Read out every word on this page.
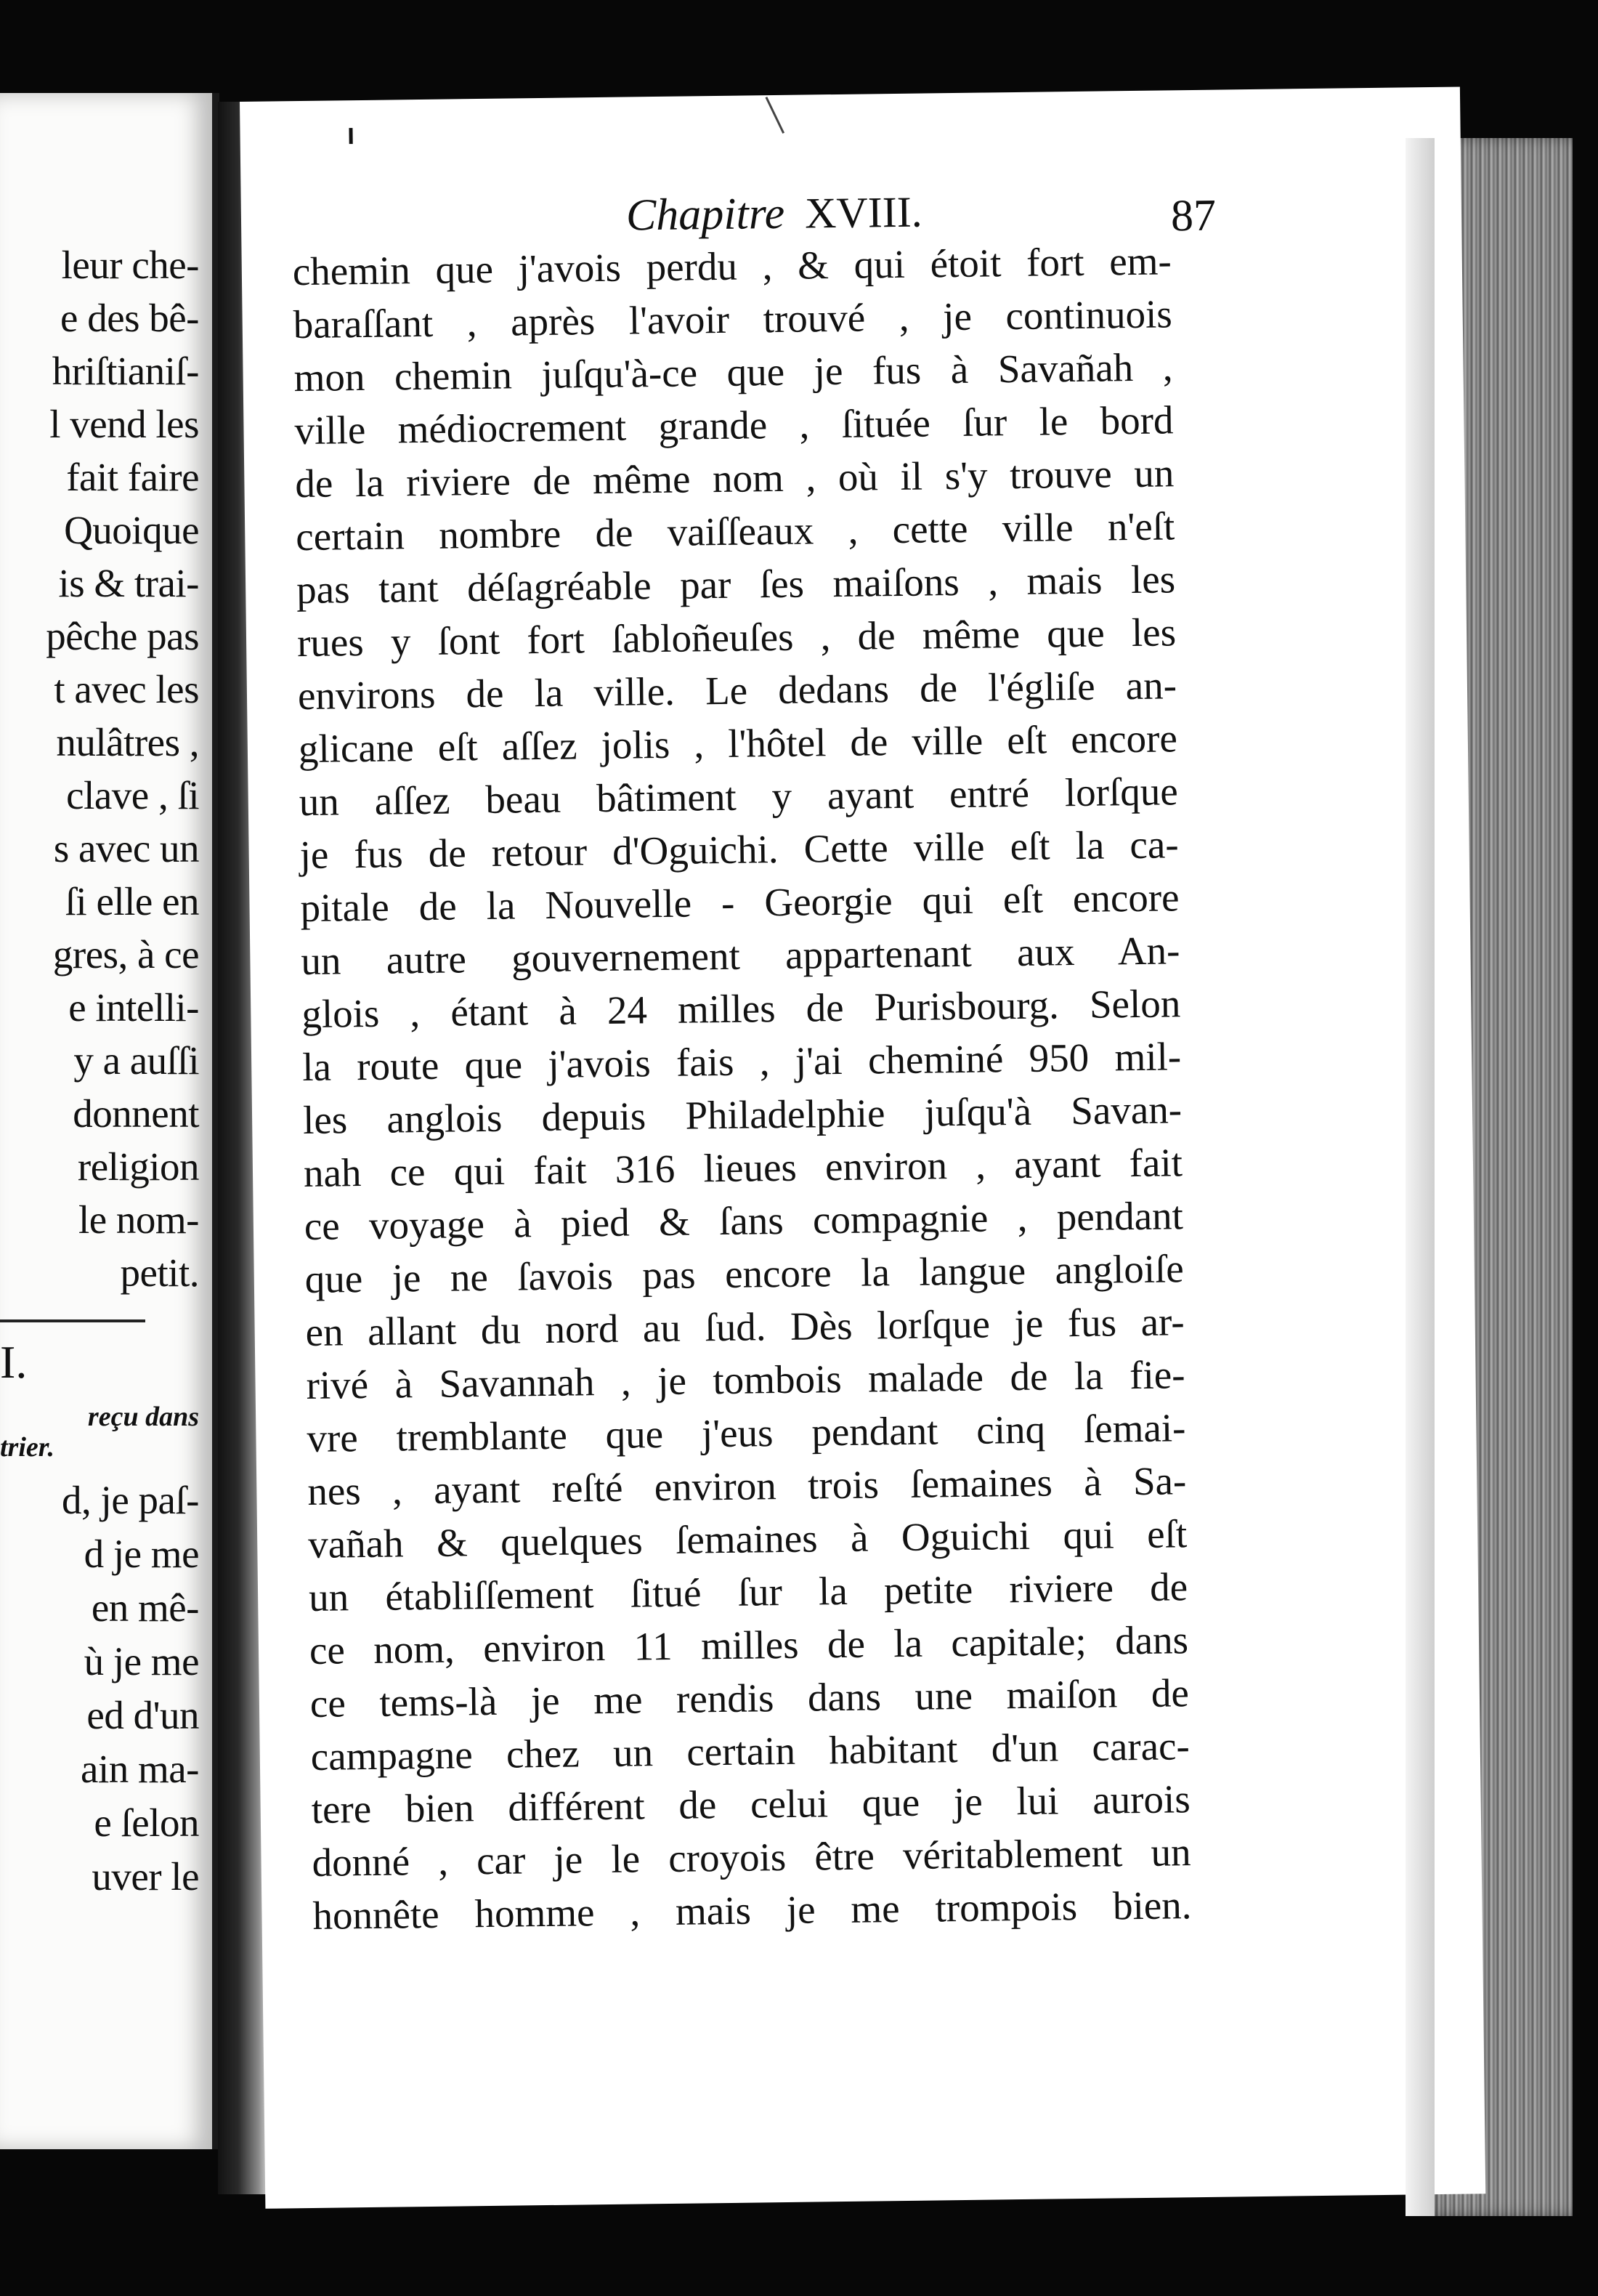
leur che-
e des bê-
hriſtianiſ-
l vend les
fait faire
Quoique
is & trai-
pêche pas
t avec les
nulâtres ,
clave , ſi
s avec un
ſi elle en
gres, à ce
e intelli-
y a auſſi
donnent
religion
le nom-
petit.
I.
reçu dans
trier.
d, je paſ-
d je me
en mê-
ù je me
ed d'un
ain ma-
e ſelon
uver le
Chapitre XVIII.	87
chemin que j'avois perdu , & qui étoit fort em-
baraſſant , après l'avoir trouvé , je continuois
mon chemin juſqu'à-ce que je fus à Savañah ,
ville médiocrement grande , ſituée ſur le bord
de la riviere de même nom , où il s'y trouve un
certain nombre de vaiſſeaux , cette ville n'eſt
pas tant déſagréable par ſes maiſons , mais les
rues y ſont fort ſabloñeuſes , de même que les
environs de la ville. Le dedans de l'égliſe an-
glicane eſt aſſez jolis , l'hôtel de ville eſt encore
un aſſez beau bâtiment y ayant entré lorſque
je fus de retour d'Oguichi. Cette ville eſt la ca-
pitale de la Nouvelle - Georgie qui eſt encore
un autre gouvernement appartenant aux An-
glois , étant à 24 milles de Purisbourg. Selon
la route que j'avois fais , j'ai cheminé 950 mil-
les anglois depuis Philadelphie juſqu'à Savan-
nah ce qui fait 316 lieues environ , ayant fait
ce voyage à pied & ſans compagnie , pendant
que je ne ſavois pas encore la langue angloiſe
en allant du nord au ſud. Dès lorſque je fus ar-
rivé à Savannah , je tombois malade de la fie-
vre tremblante que j'eus pendant cinq ſemai-
nes , ayant reſté environ trois ſemaines à Sa-
vañah & quelques ſemaines à Oguichi qui eſt
un établiſſement ſitué ſur la petite riviere de
ce nom, environ 11 milles de la capitale; dans
ce tems-là je me rendis dans une maiſon de
campagne chez un certain habitant d'un carac-
tere bien différent de celui que je lui aurois
donné , car je le croyois être véritablement un
honnête homme , mais je me trompois bien.
